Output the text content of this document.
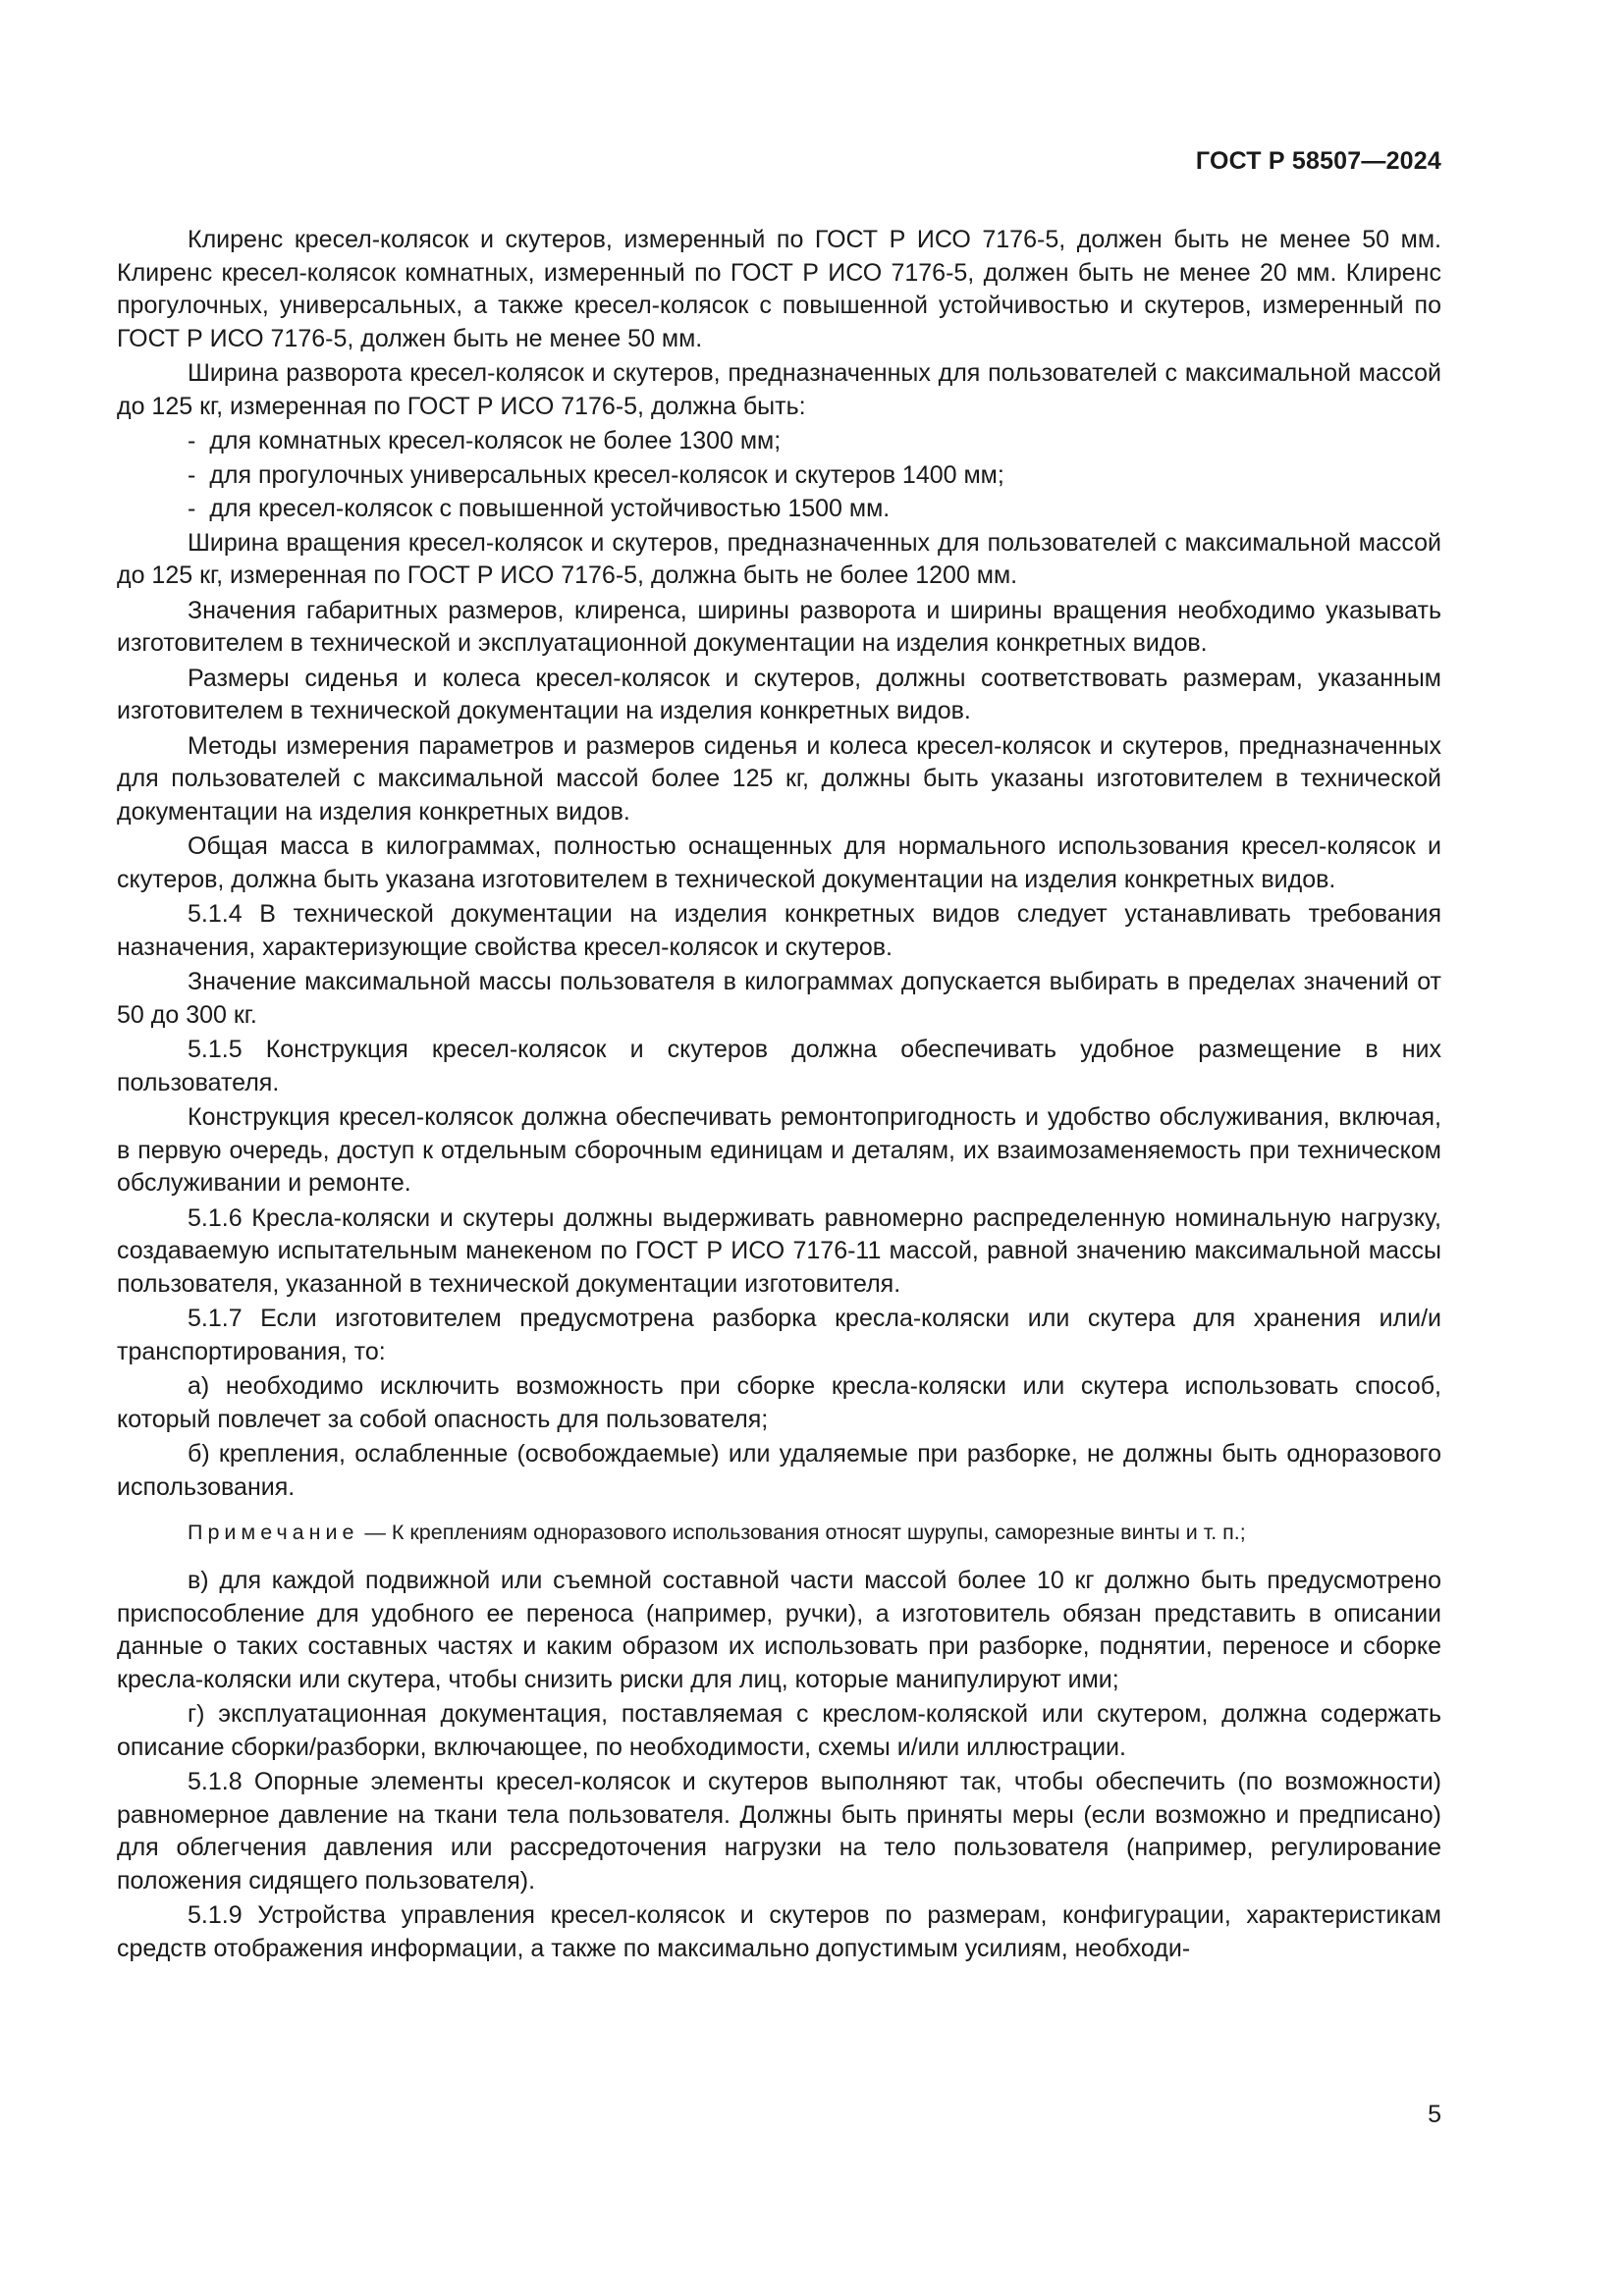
ГОСТ Р 58507—2024

Клиренс кресел-колясок и скутеров, измеренный по ГОСТ Р ИСО 7176-5, должен быть не менее 50 мм. Клиренс кресел-колясок комнатных, измеренный по ГОСТ Р ИСО 7176-5, должен быть не менее 20 мм. Клиренс прогулочных, универсальных, а также кресел-колясок с повышенной устойчивостью и скутеров, измеренный по ГОСТ Р ИСО 7176-5, должен быть не менее 50 мм.

Ширина разворота кресел-колясок и скутеров, предназначенных для пользователей с максимальной массой до 125 кг, измеренная по ГОСТ Р ИСО 7176-5, должна быть:

- для комнатных кресел-колясок не более 1300 мм;
- для прогулочных универсальных кресел-колясок и скутеров 1400 мм;
- для кресел-колясок с повышенной устойчивостью 1500 мм.

Ширина вращения кресел-колясок и скутеров, предназначенных для пользователей с максимальной массой до 125 кг, измеренная по ГОСТ Р ИСО 7176-5, должна быть не более 1200 мм.

Значения габаритных размеров, клиренса, ширины разворота и ширины вращения необходимо указывать изготовителем в технической и эксплуатационной документации на изделия конкретных видов.

Размеры сиденья и колеса кресел-колясок и скутеров, должны соответствовать размерам, указанным изготовителем в технической документации на изделия конкретных видов.

Методы измерения параметров и размеров сиденья и колеса кресел-колясок и скутеров, предназначенных для пользователей с максимальной массой более 125 кг, должны быть указаны изготовителем в технической документации на изделия конкретных видов.

Общая масса в килограммах, полностью оснащенных для нормального использования кресел-колясок и скутеров, должна быть указана изготовителем в технической документации на изделия конкретных видов.

5.1.4 В технической документации на изделия конкретных видов следует устанавливать требования назначения, характеризующие свойства кресел-колясок и скутеров.

Значение максимальной массы пользователя в килограммах допускается выбирать в пределах значений от 50 до 300 кг.

5.1.5 Конструкция кресел-колясок и скутеров должна обеспечивать удобное размещение в них пользователя.

Конструкция кресел-колясок должна обеспечивать ремонтопригодность и удобство обслуживания, включая, в первую очередь, доступ к отдельным сборочным единицам и деталям, их взаимозаменяемость при техническом обслуживании и ремонте.

5.1.6 Кресла-коляски и скутеры должны выдерживать равномерно распределенную номинальную нагрузку, создаваемую испытательным манекеном по ГОСТ Р ИСО 7176-11 массой, равной значению максимальной массы пользователя, указанной в технической документации изготовителя.

5.1.7 Если изготовителем предусмотрена разборка кресла-коляски или скутера для хранения или/и транспортирования, то:

а) необходимо исключить возможность при сборке кресла-коляски или скутера использовать способ, который повлечет за собой опасность для пользователя;

б) крепления, ослабленные (освобождаемые) или удаляемые при разборке, не должны быть одноразового использования.

Примечание — К креплениям одноразового использования относят шурупы, саморезные винты и т. п.;

в) для каждой подвижной или съемной составной части массой более 10 кг должно быть предусмотрено приспособление для удобного ее переноса (например, ручки), а изготовитель обязан представить в описании данные о таких составных частях и каким образом их использовать при разборке, поднятии, переносе и сборке кресла-коляски или скутера, чтобы снизить риски для лиц, которые манипулируют ими;

г) эксплуатационная документация, поставляемая с креслом-коляской или скутером, должна содержать описание сборки/разборки, включающее, по необходимости, схемы и/или иллюстрации.

5.1.8 Опорные элементы кресел-колясок и скутеров выполняют так, чтобы обеспечить (по возможности) равномерное давление на ткани тела пользователя. Должны быть приняты меры (если возможно и предписано) для облегчения давления или рассредоточения нагрузки на тело пользователя (например, регулирование положения сидящего пользователя).

5.1.9 Устройства управления кресел-колясок и скутеров по размерам, конфигурации, характеристикам средств отображения информации, а также по максимально допустимым усилиям, необходи-

5
